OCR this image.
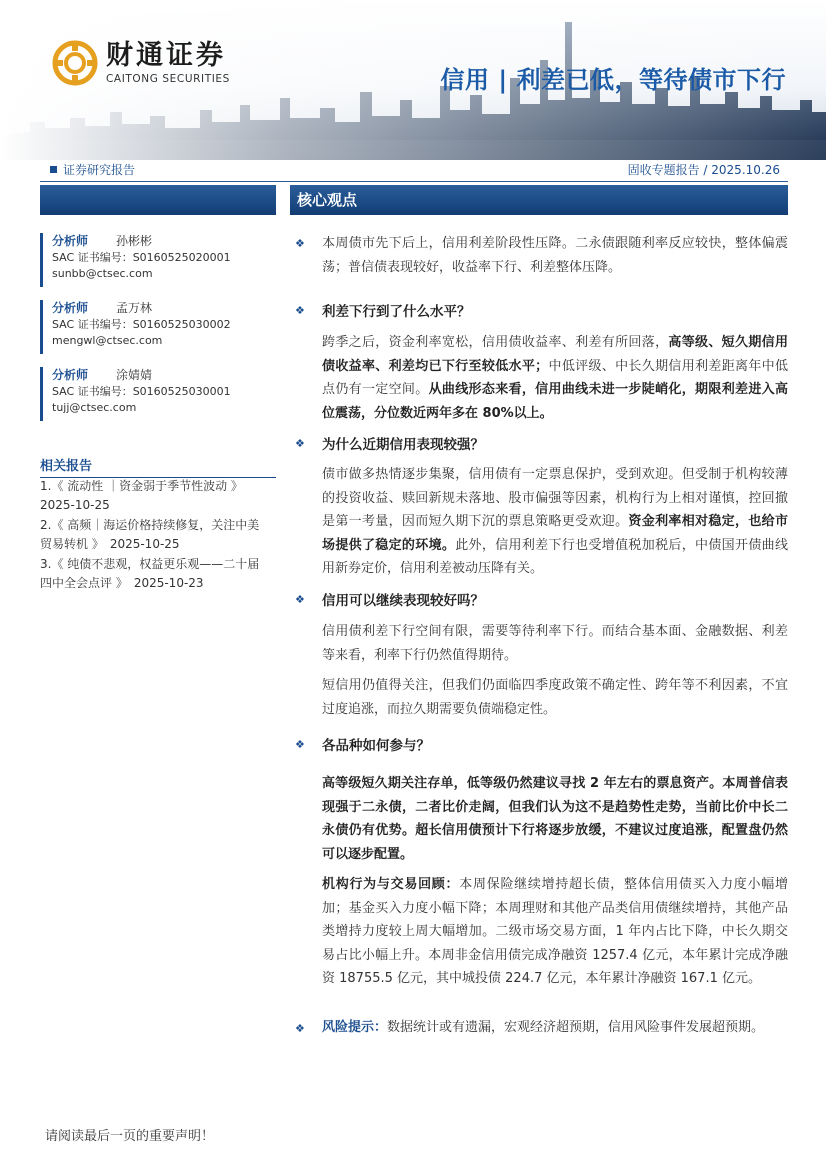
财通证券
CAITONG SECURITIES	信用 | 利差已低，等待债市下行
证券研究报告	固收专题报告 / 2025.10.26
分析师 孙彬彬
SAC 证书编号：S0160525020001
sunbb@ctsec.com
分析师 孟万林
SAC 证书编号：S0160525030002
mengwl@ctsec.com
分析师 涂婧婧
SAC 证书编号：S0160525030001
tujj@ctsec.com
相关报告

1.《 流动性 ｜资金弱于季节性波动 》
2025-10-25

2.《 高频｜海运价格持续修复，关注中美
贸易转机 》　2025-10-25

3.《 纯债不悲观，权益更乐观——二十届
四中全会点评 》　2025-10-23

核心观点
❖ 本周债市先下后上，信用利差阶段性压降。二永债跟随利率反应较快，整体偏震荡；普信债表现较好，收益率下行、利差整体压降。
❖ 利差下行到了什么水平？
跨季之后，资金利率宽松，信用债收益率、利差有所回落，高等级、短久期信用债收益率、利差均已下行至较低水平；中低评级、中长久期信用利差距离年中低点仍有一定空间。从曲线形态来看，信用曲线未进一步陡峭化，期限利差进入高位震荡，分位数近两年多在 80%以上。
❖ 为什么近期信用表现较强？
债市做多热情逐步集聚，信用债有一定票息保护，受到欢迎。但受制于机构较薄的投资收益、赎回新规未落地、股市偏强等因素，机构行为上相对谨慎，控回撤是第一考量，因而短久期下沉的票息策略更受欢迎。资金利率相对稳定，也给市场提供了稳定的环境。此外，信用利差下行也受增值税加税后，中债国开债曲线用新券定价，信用利差被动压降有关。
❖ 信用可以继续表现较好吗？
信用债利差下行空间有限，需要等待利率下行。而结合基本面、金融数据、利差等来看，利率下行仍然值得期待。
短信用仍值得关注，但我们仍面临四季度政策不确定性、跨年等不利因素，不宜过度追涨，而拉久期需要负债端稳定性。
❖ 各品种如何参与？
高等级短久期关注存单，低等级仍然建议寻找 2 年左右的票息资产。本周普信表现强于二永债，二者比价走阔，但我们认为这不是趋势性走势，当前比价中长二永债仍有优势。超长信用债预计下行将逐步放缓，不建议过度追涨，配置盘仍然可以逐步配置。
机构行为与交易回顾：本周保险继续增持超长债，整体信用债买入力度小幅增加；基金买入力度小幅下降；本周理财和其他产品类信用债继续增持，其他产品类增持力度较上周大幅增加。二级市场交易方面，1 年内占比下降，中长久期交易占比小幅上升。本周非金信用债完成净融资 1257.4 亿元，本年累计完成净融资 18755.5 亿元，其中城投债 224.7 亿元，本年累计净融资 167.1 亿元。
❖ 风险提示：数据统计或有遗漏，宏观经济超预期，信用风险事件发展超预期。
请阅读最后一页的重要声明！
